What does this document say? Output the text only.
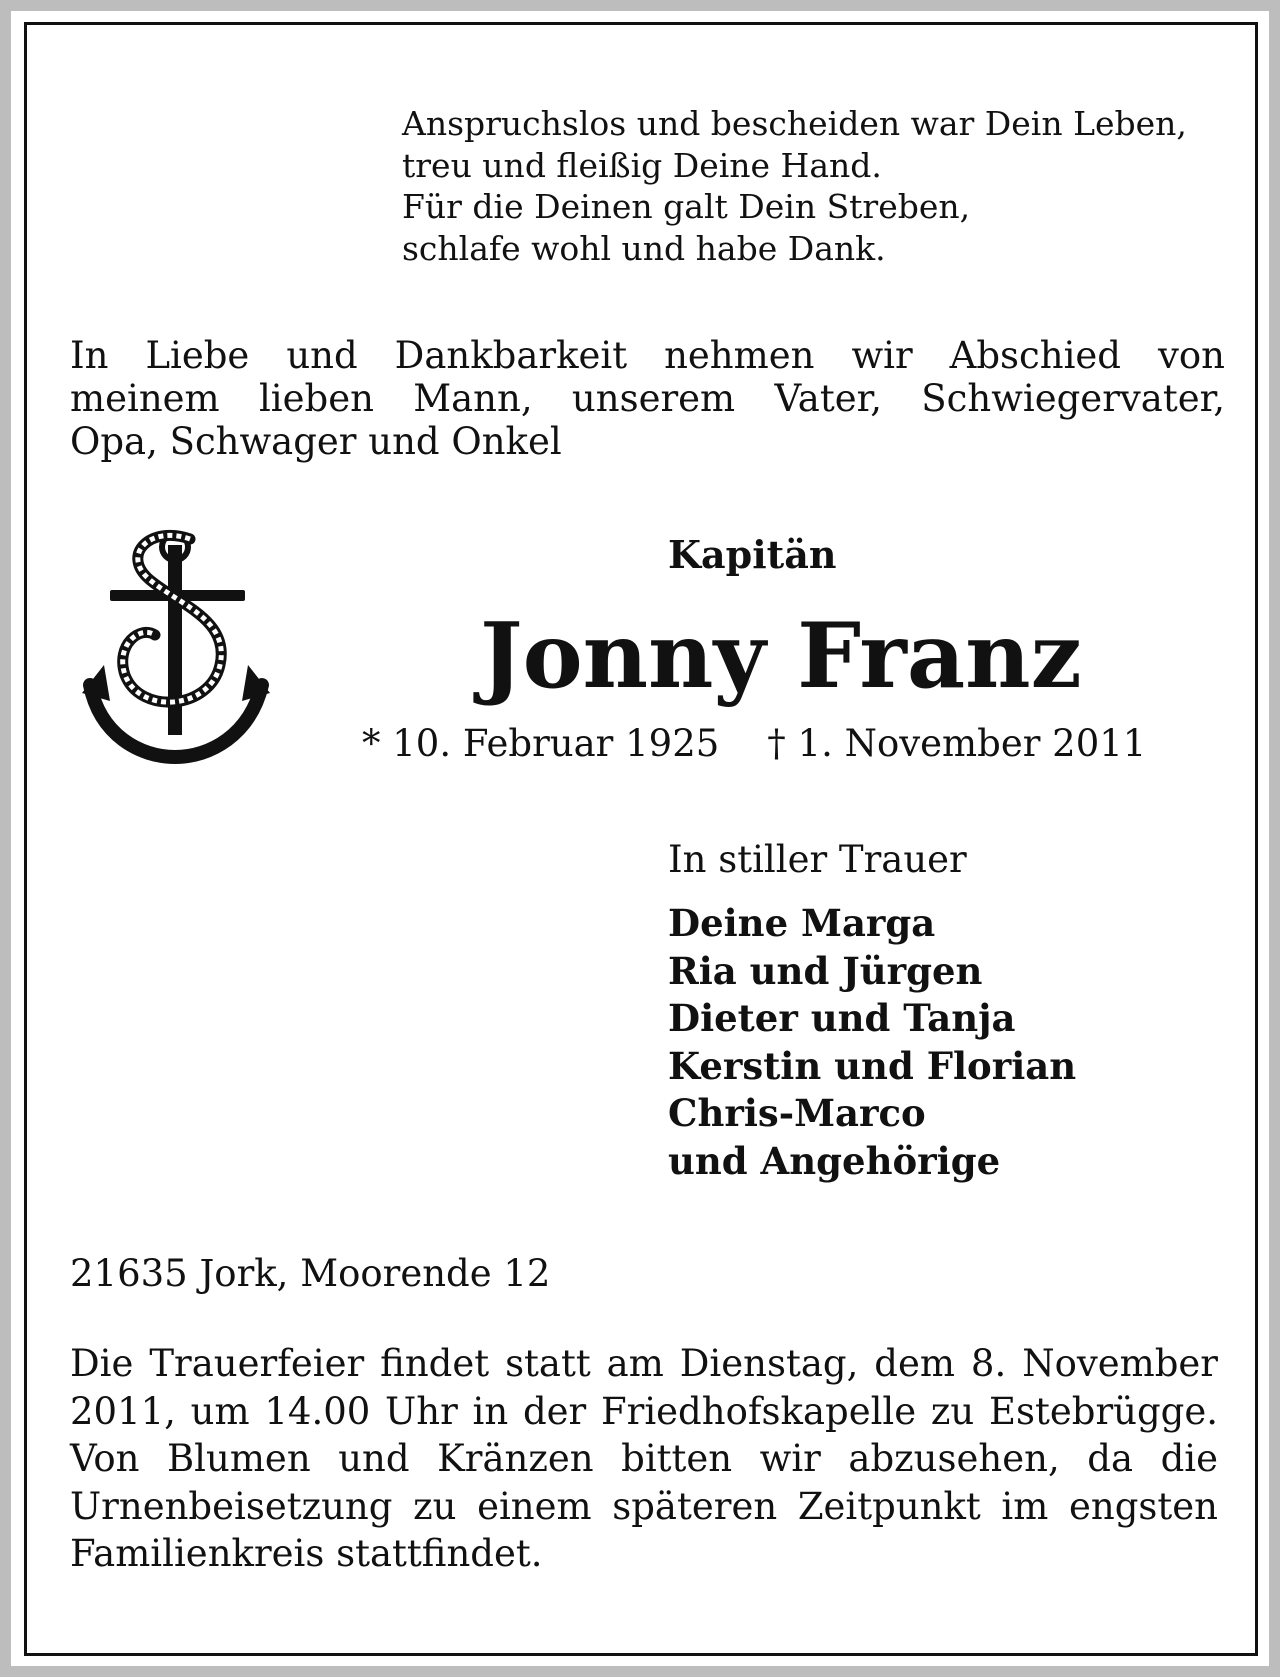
Anspruchslos und bescheiden war Dein Leben,
treu und fleißig Deine Hand.
Für die Deinen galt Dein Streben,
schlafe wohl und habe Dank.
In Liebe und Dankbarkeit nehmen wir Abschied von
meinem lieben Mann, unserem Vater, Schwiegervater,
Opa, Schwager und Onkel
Kapitän
Jonny Franz
* 10. Februar 1925 † 1. November 2011
In stiller Trauer
Deine Marga
Ria und Jürgen
Dieter und Tanja
Kerstin und Florian
Chris-Marco
und Angehörige
21635 Jork, Moorende 12
Die Trauerfeier findet statt am Dienstag, dem 8. November
2011, um 14.00 Uhr in der Friedhofskapelle zu Estebrügge.
Von Blumen und Kränzen bitten wir abzusehen, da die
Urnenbeisetzung zu einem späteren Zeitpunkt im engsten
Familienkreis stattfindet.
